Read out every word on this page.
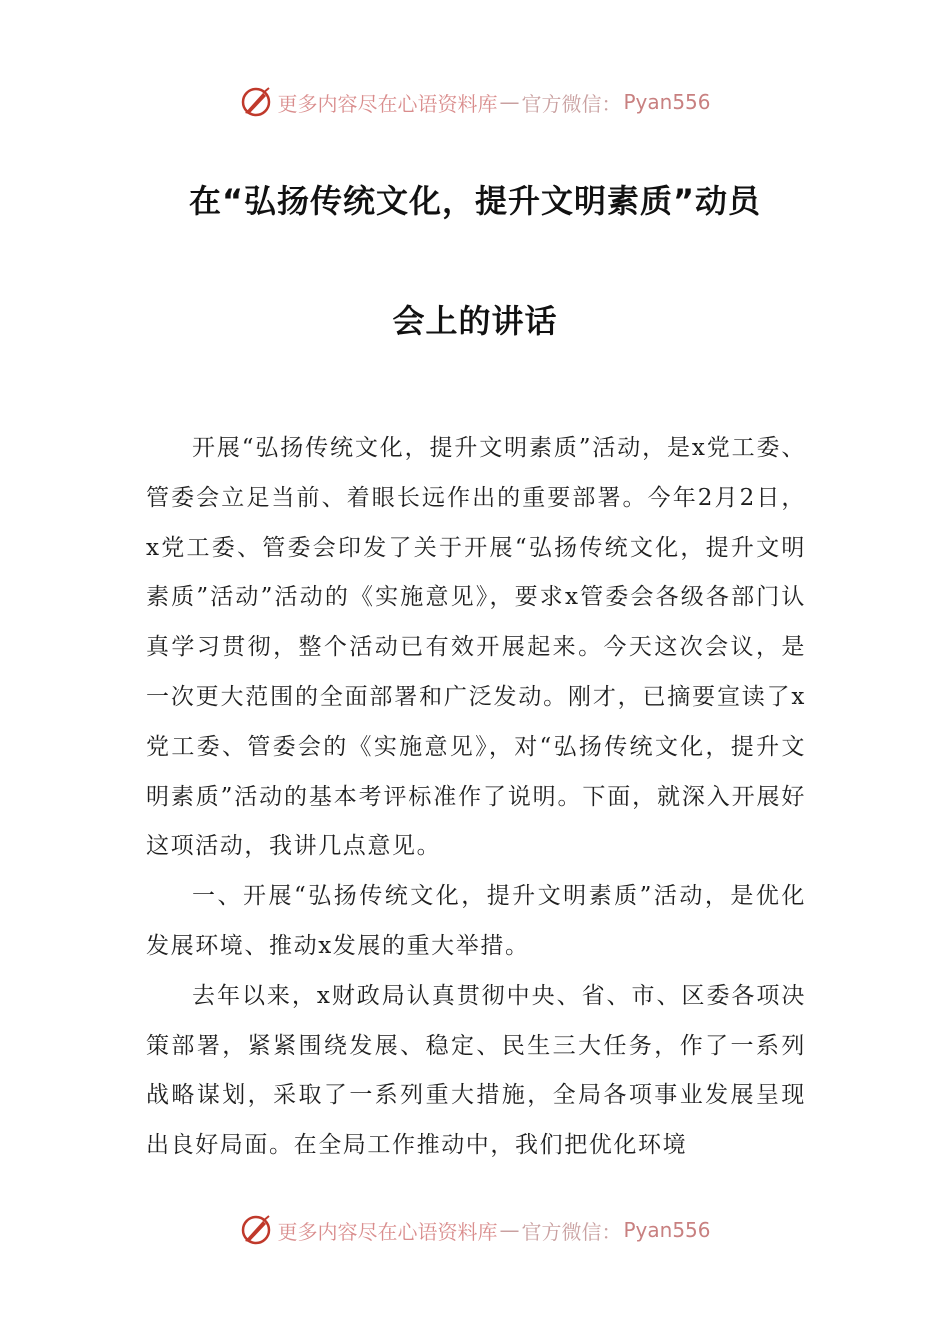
更多内容尽在心语资料库 — 官方微信： Pyan556
在“弘扬传统文化，提升文明素质”动员
会上的讲话

开展“弘扬传统文化，提升文明素质”活动，是x党工委、管委会立足当前、着眼长远作出的重要部署。今年2月2日，x党工委、管委会印发了关于开展“弘扬传统文化，提升文明素质”活动”活动的《实施意见》，要求x管委会各级各部门认真学习贯彻，整个活动已有效开展起来。今天这次会议，是一次更大范围的全面部署和广泛发动。刚才，已摘要宣读了x党工委、管委会的《实施意见》，对“弘扬传统文化，提升文明素质”活动的基本考评标准作了说明。下面，就深入开展好这项活动，我讲几点意见。

一、开展“弘扬传统文化，提升文明素质”活动，是优化发展环境、推动x发展的重大举措。

去年以来，x财政局认真贯彻中央、省、市、区委各项决策部署，紧紧围绕发展、稳定、民生三大任务，作了一系列战略谋划，采取了一系列重大措施，全局各项事业发展呈现出良好局面。在全局工作推动中，我们把优化环境

更多内容尽在心语资料库 — 官方微信： Pyan556
